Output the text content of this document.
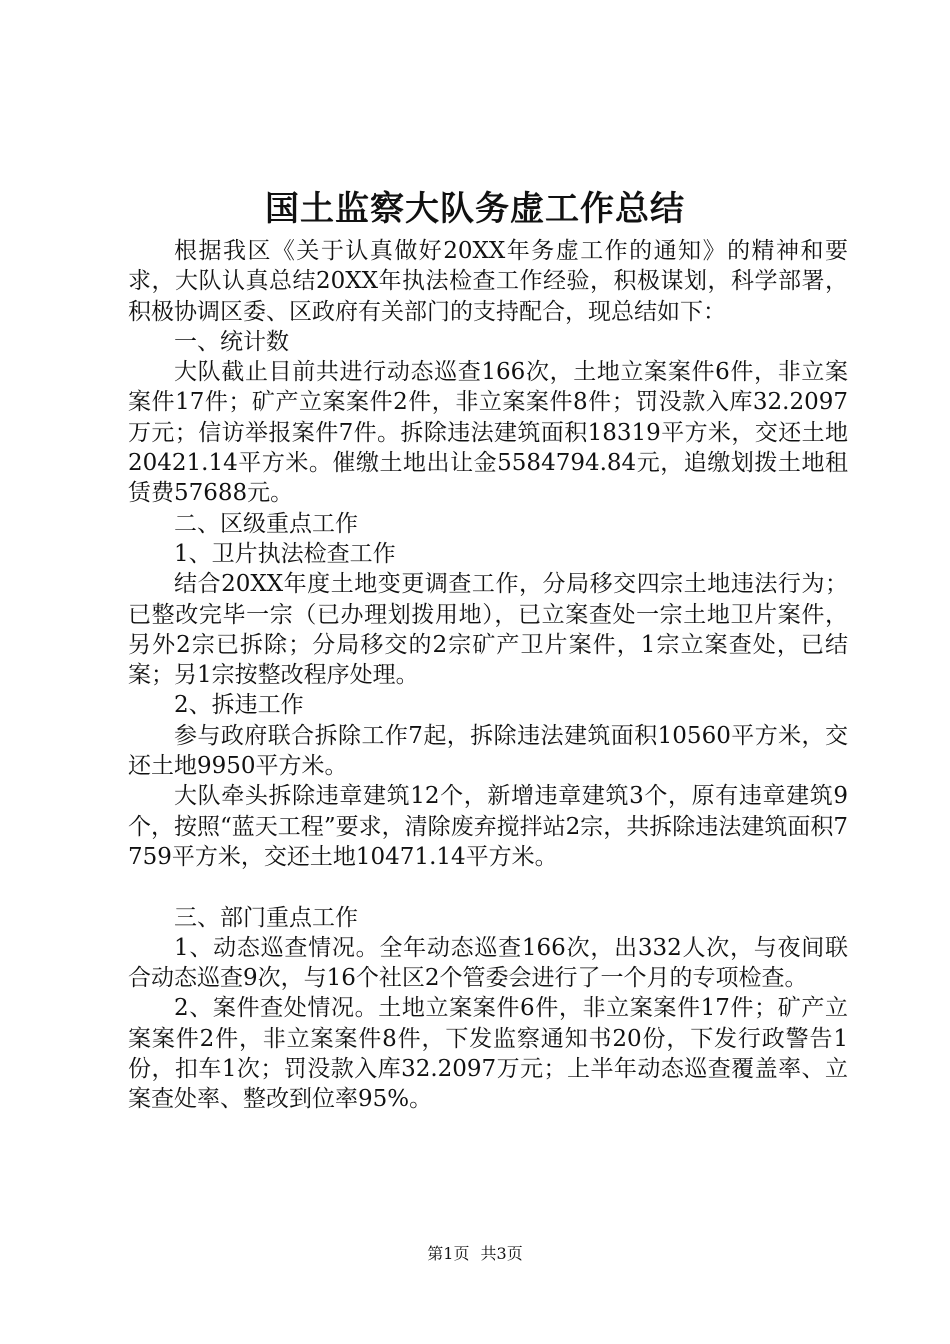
国土监察大队务虚工作总结

根据我区《关于认真做好20XX年务虚工作的通知》的精神和要求，大队认真总结20XX年执法检查工作经验，积极谋划，科学部署，积极协调区委、区政府有关部门的支持配合，现总结如下：

一、统计数

大队截止目前共进行动态巡查166次，土地立案案件6件，非立案案件17件；矿产立案案件2件，非立案案件8件；罚没款入库32.2097万元；信访举报案件7件。拆除违法建筑面积18319平方米，交还土地20421.14平方米。催缴土地出让金5584794.84元，追缴划拨土地租赁费57688元。

二、区级重点工作

1、卫片执法检查工作

结合20XX年度土地变更调查工作，分局移交四宗土地违法行为；已整改完毕一宗（已办理划拨用地），已立案查处一宗土地卫片案件，另外2宗已拆除；分局移交的2宗矿产卫片案件，1宗立案查处，已结案；另1宗按整改程序处理。

2、拆违工作

参与政府联合拆除工作7起，拆除违法建筑面积10560平方米，交还土地9950平方米。

大队牵头拆除违章建筑12个，新增违章建筑3个，原有违章建筑9个，按照“蓝天工程”要求，清除废弃搅拌站2宗，共拆除违法建筑面积7759平方米，交还土地10471.14平方米。

三、部门重点工作

1、动态巡查情况。全年动态巡查166次，出332人次，与夜间联合动态巡查9次，与16个社区2个管委会进行了一个月的专项检查。

2、案件查处情况。土地立案案件6件，非立案案件17件；矿产立案案件2件，非立案案件8件，下发监察通知书20份，下发行政警告1份，扣车1次；罚没款入库32.2097万元；上半年动态巡查覆盖率、立案查处率、整改到位率95%。

第1页 共3页
